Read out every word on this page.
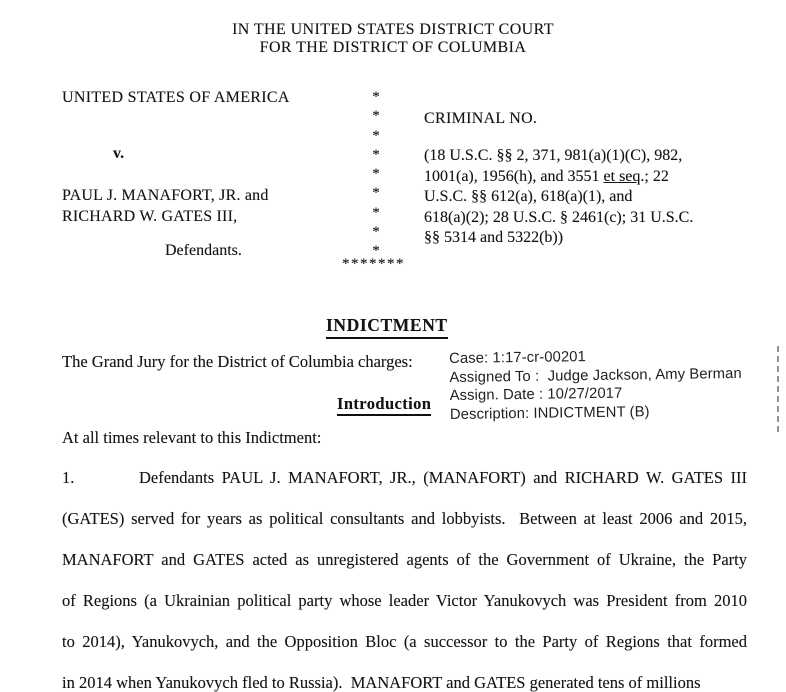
IN THE UNITED STATES DISTRICT COURT
FOR THE DISTRICT OF COLUMBIA
UNITED STATES OF AMERICA
v.
PAUL J. MANAFORT, JR. and
RICHARD W. GATES III,
Defendants.
*
*
*
*
*
*
*
*
*
*******
CRIMINAL NO.
(18 U.S.C. §§ 2, 371, 981(a)(1)(C), 982,
1001(a), 1956(h), and 3551 et seq.; 22
U.S.C. §§ 612(a), 618(a)(1), and
618(a)(2); 28 U.S.C. § 2461(c); 31 U.S.C.
§§ 5314 and 5322(b))
INDICTMENT
The Grand Jury for the District of Columbia charges: Case: 1:17-cr-00201
Assigned To :  Judge Jackson, Amy Berman
Assign. Date : 10/27/2017
Description: INDICTMENT (B)
Introduction
At all times relevant to this Indictment:
1.	Defendants PAUL J. MANAFORT, JR., (MANAFORT) and RICHARD W. GATES III
(GATES) served for years as political consultants and lobbyists.  Between at least 2006 and 2015,
MANAFORT and GATES acted as unregistered agents of the Government of Ukraine, the Party
of Regions (a Ukrainian political party whose leader Victor Yanukovych was President from 2010
to 2014), Yanukovych, and the Opposition Bloc (a successor to the Party of Regions that formed
in 2014 when Yanukovych fled to Russia).  MANAFORT and GATES generated tens of millions
